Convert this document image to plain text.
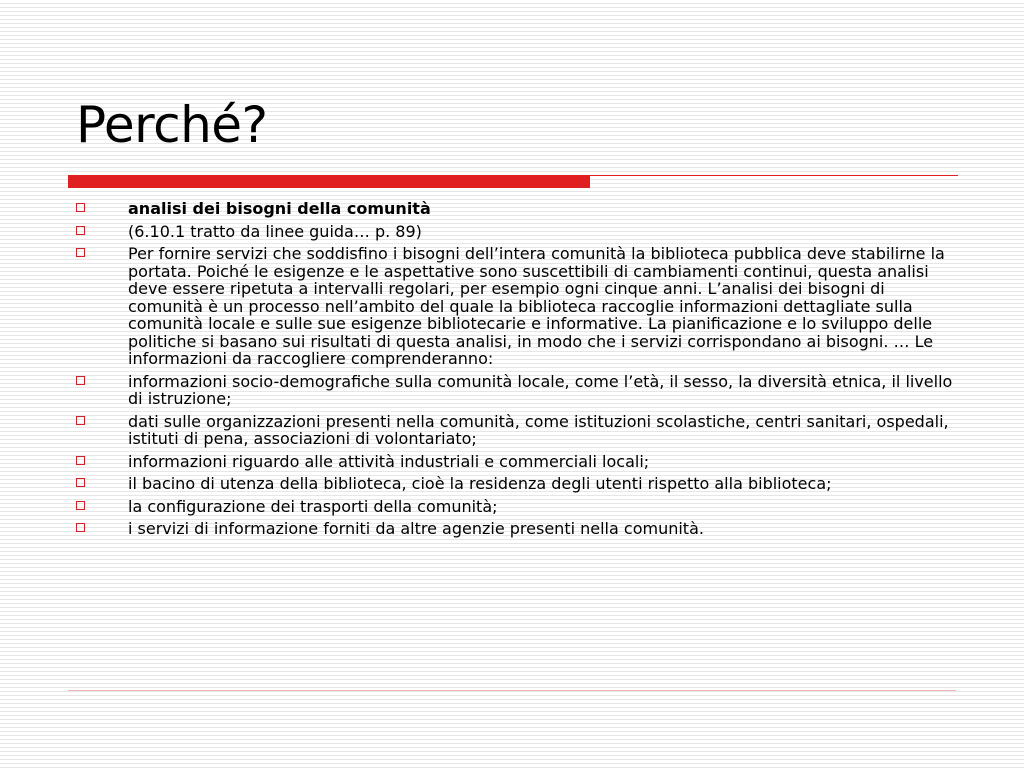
Perché?
analisi dei bisogni della comunità
(6.10.1 tratto da linee guida… p. 89)
Per fornire servizi che soddisfino i bisogni dell’intera comunità la biblioteca pubblica deve stabilirne la portata. Poiché le esigenze e le aspettative sono suscettibili di cambiamenti continui, questa analisi deve essere ripetuta a intervalli regolari, per esempio ogni cinque anni. L’analisi dei bisogni di comunità è un processo nell’ambito del quale la biblioteca raccoglie informazioni dettagliate sulla comunità locale e sulle sue esigenze bibliotecarie e informative. La pianificazione e lo sviluppo delle politiche si basano sui risultati di questa analisi, in modo che i servizi corrispondano ai bisogni. … Le informazioni da raccogliere comprenderanno:
informazioni socio-demografiche sulla comunità locale, come l’età, il sesso, la diversità etnica, il livello di istruzione;
dati sulle organizzazioni presenti nella comunità, come istituzioni scolastiche, centri sanitari, ospedali, istituti di pena, associazioni di volontariato;
informazioni riguardo alle attività industriali e commerciali locali;
il bacino di utenza della biblioteca, cioè la residenza degli utenti rispetto alla biblioteca;
la configurazione dei trasporti della comunità;
i servizi di informazione forniti da altre agenzie presenti nella comunità.
